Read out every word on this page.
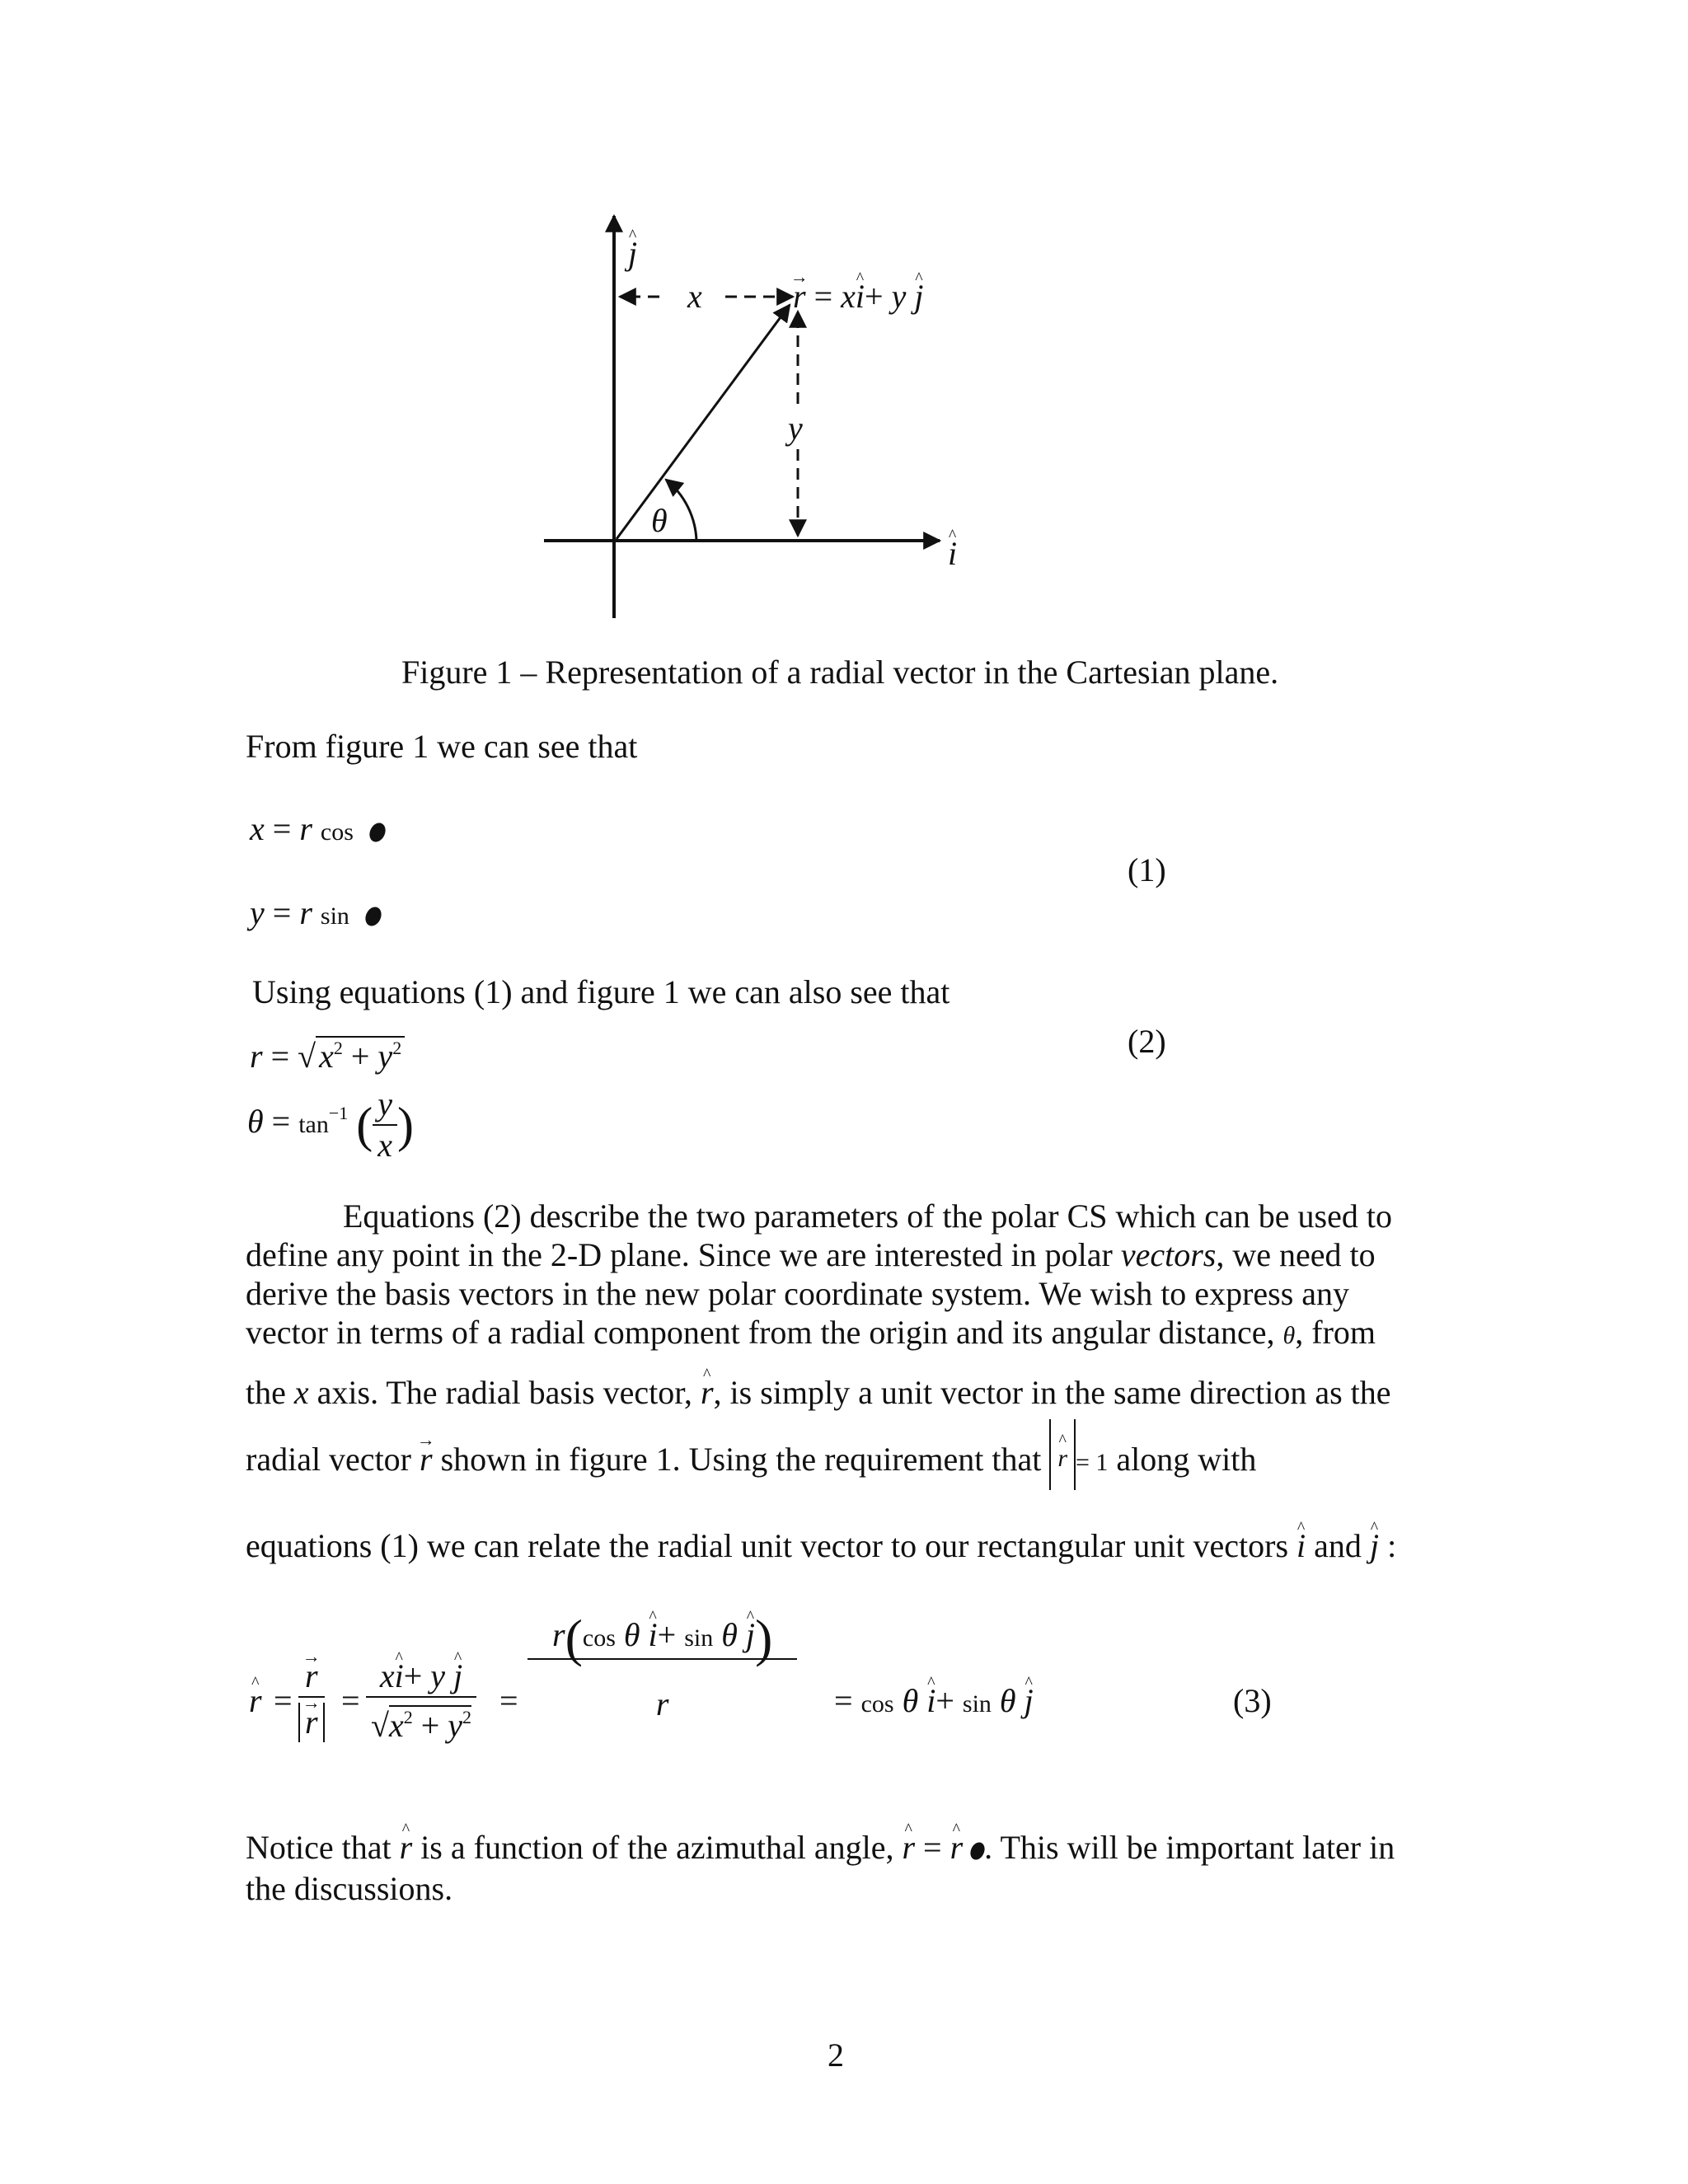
^ j
x
y
θ
^ i
→ r = x^ i+ y ^ j
Figure 1 – Representation of a radial vector in the Cartesian plane.
From figure 1 we can see that
x = r cos
y = r sin
(1)
Using equations (1) and figure 1 we can also see that
r = √ $x^2 + y^2$
$\theta = \tan^{-1}$ ( $\frac{y}{x}$ )
(2)
Equations (2) describe the two parameters of the polar CS which can be used to
define any point in the 2-D plane. Since we are interested in polar vectors, we need to
derive the basis vectors in the new polar coordinate system. We wish to express any
vector in terms of a radial component from the origin and its angular distance, θ, from
the x axis. The radial basis vector, ^ r, is simply a unit vector in the same direction as the
radial vector → r shown in figure 1. Using the requirement that ^ r = 1 along with
equations (1) we can relate the radial unit vector to our rectangular unit vectors ^ i and ^ j :
^ r = → r
→ $r = \frac{x\^{} i+ y \^{} j}{√x^2 + y^2} = \frac{\text{r(cos θ \textasciicircum{} i+ sin θ \textasciicircum{} j)}}{r} = \cos \theta$ ^ i+ sin θ ^ j	(3)
Notice that ^ r is a function of the azimuthal angle, ^ r = ^ r . This will be important later in
the discussions.
2
